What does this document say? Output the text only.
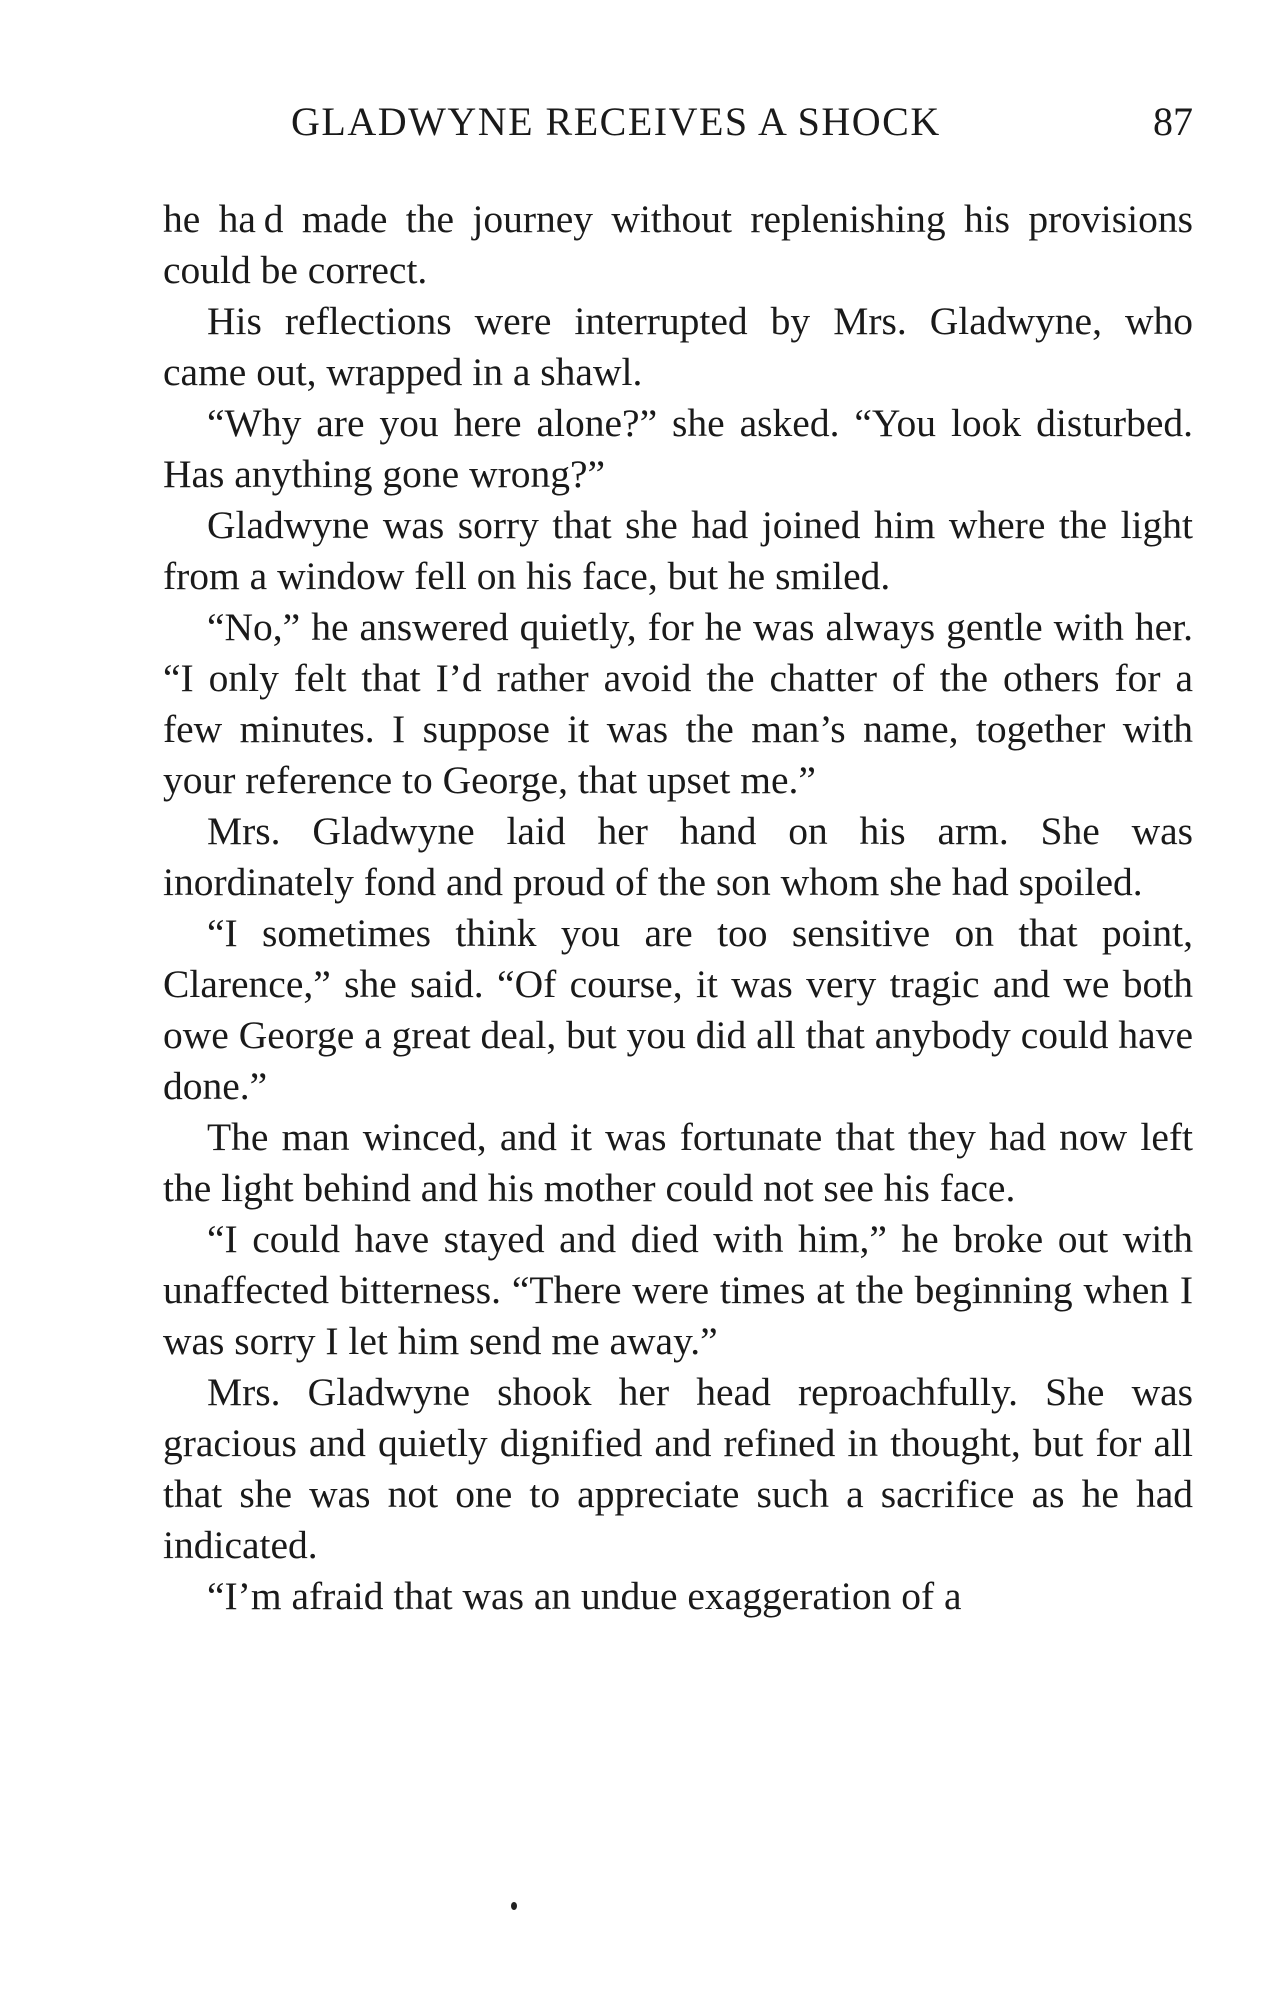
GLADWYNE RECEIVES A SHOCK	87

he ha d made the journey without replenishing his provisions could be correct.

His reflections were interrupted by Mrs. Gladwyne, who came out, wrapped in a shawl.

“Why are you here alone?” she asked. “You look disturbed. Has anything gone wrong?”

Gladwyne was sorry that she had joined him where the light from a window fell on his face, but he smiled.

“No,” he answered quietly, for he was always gentle with her. “I only felt that I’d rather avoid the chatter of the others for a few minutes. I suppose it was the man’s name, together with your reference to George, that upset me.”

Mrs. Gladwyne laid her hand on his arm. She was inordinately fond and proud of the son whom she had spoiled.

“I sometimes think you are too sensitive on that point, Clarence,” she said. “Of course, it was very tragic and we both owe George a great deal, but you did all that anybody could have done.”

The man winced, and it was fortunate that they had now left the light behind and his mother could not see his face.

“I could have stayed and died with him,” he broke out with unaffected bitterness. “There were times at the beginning when I was sorry I let him send me away.”

Mrs. Gladwyne shook her head reproachfully. She was gracious and quietly dignified and refined in thought, but for all that she was not one to appreciate such a sacrifice as he had indicated.

“I’m afraid that was an undue exaggeration of a
